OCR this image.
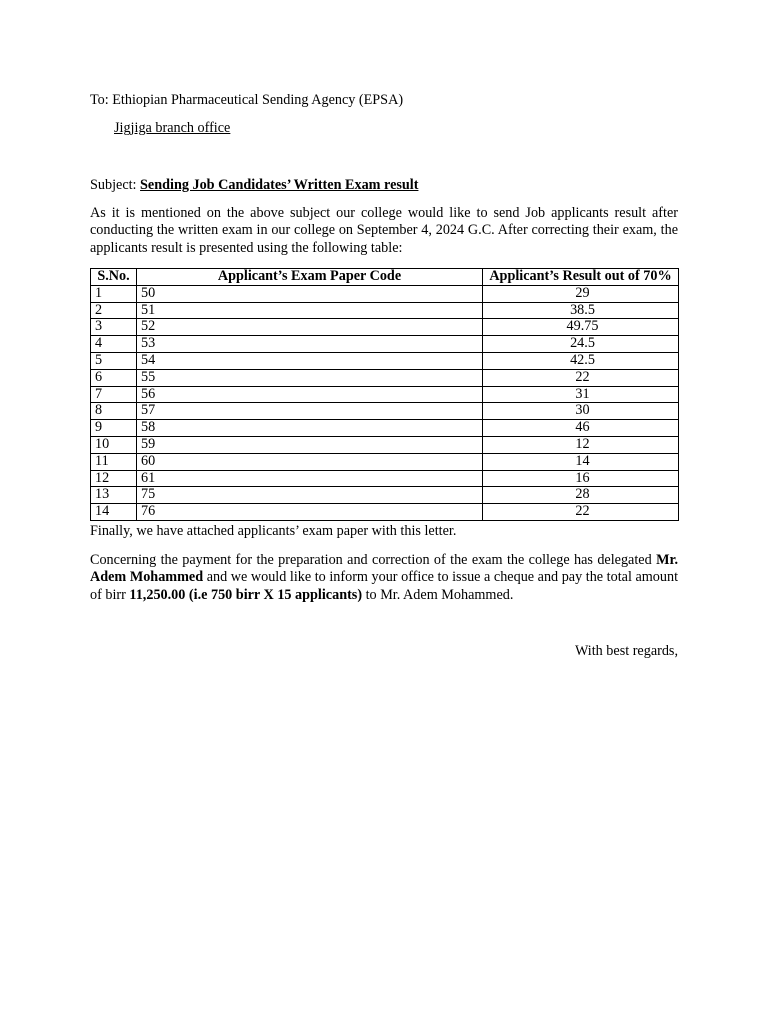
To: Ethiopian Pharmaceutical Sending Agency (EPSA)
Jigjiga branch office
Subject: Sending Job Candidates’ Written Exam result
As it is mentioned on the above subject our college would like to send Job applicants result after conducting the written exam in our college on September 4, 2024 G.C. After correcting their exam, the applicants result is presented using the following table:
S.No.	Applicant’s Exam Paper Code	Applicant’s Result out of 70%
1	50	29
2	51	38.5
3	52	49.75
4	53	24.5
5	54	42.5
6	55	22
7	56	31
8	57	30
9	58	46
10	59	12
11	60	14
12	61	16
13	75	28
14	76	22
Finally, we have attached applicants’ exam paper with this letter.
Concerning the payment for the preparation and correction of the exam the college has delegated Mr. Adem Mohammed and we would like to inform your office to issue a cheque and pay the total amount of birr 11,250.00 (i.e 750 birr X 15 applicants) to Mr. Adem Mohammed.
With best regards,
